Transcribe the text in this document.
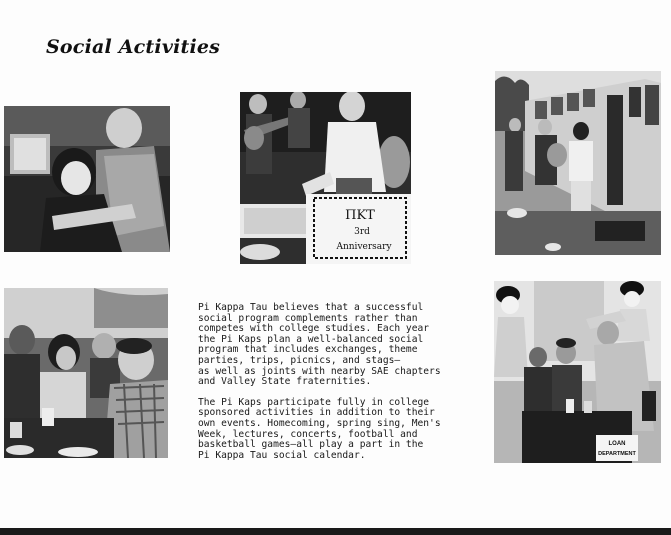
Social Activities
ΠKT
3rd
Anniversary

Pi Kappa Tau believes that a successful
social program complements rather than
competes with college studies. Each year
the Pi Kaps plan a well-balanced social
program that includes exchanges, theme
parties, trips, picnics, and stags—
as well as joints with nearby SAE chapters
and Valley State fraternities.

The Pi Kaps participate fully in college
sponsored activities in addition to their
own events. Homecoming, spring sing, Men's
Week, lectures, concerts, football and
basketball games—all play a part in the
Pi Kappa Tau social calendar.

LOAN
DEPARTMENT
